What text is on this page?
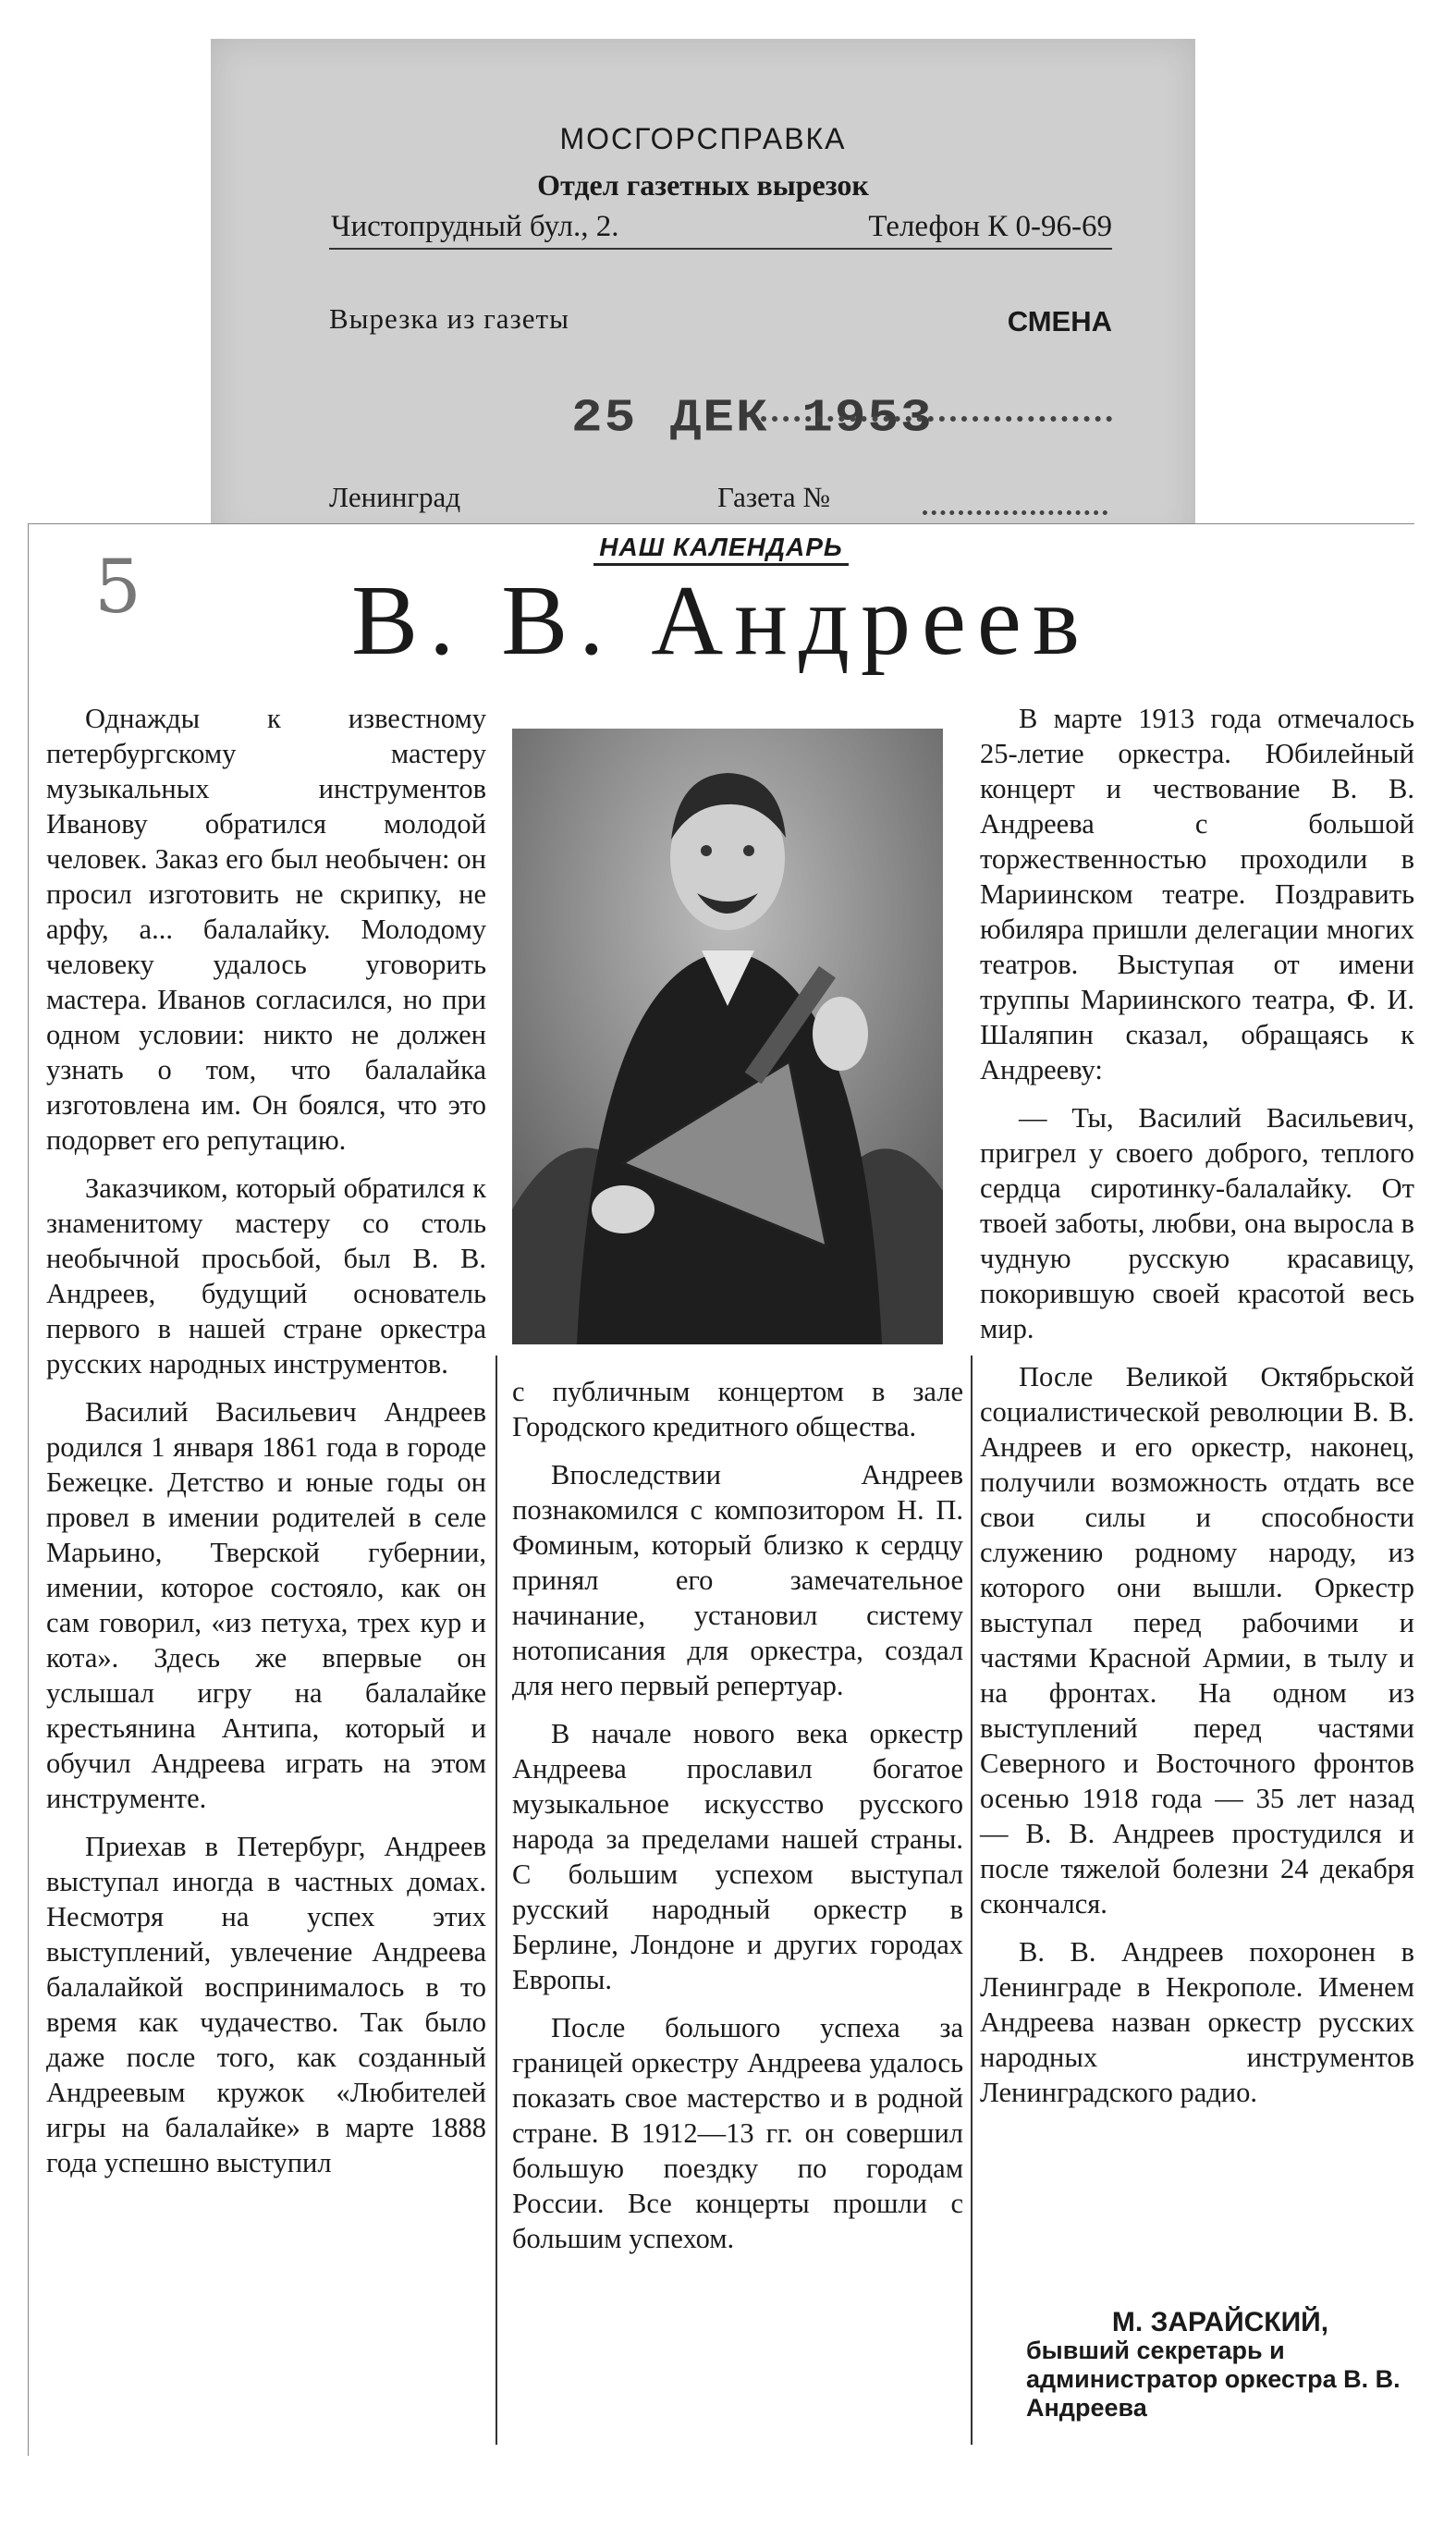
МОСГОРСПРАВКА
Отдел газетных вырезок
Чистопрудный бул., 2.	Телефон К 0-96-69
Вырезка из газеты	СМЕНА
25 ДЕК 1953
Ленинград	Газета №
5	НАШ КАЛЕНДАРЬ
В. В. Андреев

Однажды к известному петербургскому мастеру музыкальных инструментов Иванову обратился молодой человек. Заказ его был необычен: он просил изготовить не скрипку, не арфу, а... балалайку. Молодому человеку удалось уговорить мастера. Иванов согласился, но при одном условии: никто не должен узнать о том, что балалайка изготовлена им. Он боялся, что это подорвет его репутацию.

Заказчиком, который обратился к знаменитому мастеру со столь необычной просьбой, был В. В. Андреев, будущий основатель первого в нашей стране оркестра русских народных инструментов.

Василий Васильевич Андреев родился 1 января 1861 года в городе Бежецке. Детство и юные годы он провел в имении родителей в селе Марьино, Тверской губернии, имении, которое состояло, как он сам говорил, «из петуха, трех кур и кота». Здесь же впервые он услышал игру на балалайке крестьянина Антипа, который и обучил Андреева играть на этом инструменте.

Приехав в Петербург, Андреев выступал иногда в частных домах. Несмотря на успех этих выступлений, увлечение Андреева балалайкой воспринималось в то время как чудачество. Так было даже после того, как созданный Андреевым кружок «Любителей игры на балалайке» в марте 1888 года успешно выступил

с публичным концертом в зале Городского кредитного общества.

Впоследствии Андреев познакомился с композитором Н. П. Фоминым, который близко к сердцу принял его замечательное начинание, установил систему нотописания для оркестра, создал для него первый репертуар.

В начале нового века оркестр Андреева прославил богатое музыкальное искусство русского народа за пределами нашей страны. С большим успехом выступал русский народный оркестр в Берлине, Лондоне и других городах Европы.

После большого успеха за границей оркестру Андреева удалось показать свое мастерство и в родной стране. В 1912—13 гг. он совершил большую поездку по городам России. Все концерты прошли с большим успехом.

В марте 1913 года отмечалось 25-летие оркестра. Юбилейный концерт и чествование В. В. Андреева с большой торжественностью проходили в Мариинском театре. Поздравить юбиляра пришли делегации многих театров. Выступая от имени труппы Мариинского театра, Ф. И. Шаляпин сказал, обращаясь к Андрееву:

— Ты, Василий Васильевич, пригрел у своего доброго, теплого сердца сиротинку-балалайку. От твоей заботы, любви, она выросла в чудную русскую красавицу, покорившую своей красотой весь мир.

После Великой Октябрьской социалистической революции В. В. Андреев и его оркестр, наконец, получили возможность отдать все свои силы и способности служению родному народу, из которого они вышли. Оркестр выступал перед рабочими и частями Красной Армии, в тылу и на фронтах. На одном из выступлений перед частями Северного и Восточного фронтов осенью 1918 года — 35 лет назад — В. В. Андреев простудился и после тяжелой болезни 24 декабря скончался.

В. В. Андреев похоронен в Ленинграде в Некрополе. Именем Андреева назван оркестр русских народных инструментов Ленинградского радио.

М. ЗАРАЙСКИЙ,
бывший секретарь и администратор оркестра В. В. Андреева
